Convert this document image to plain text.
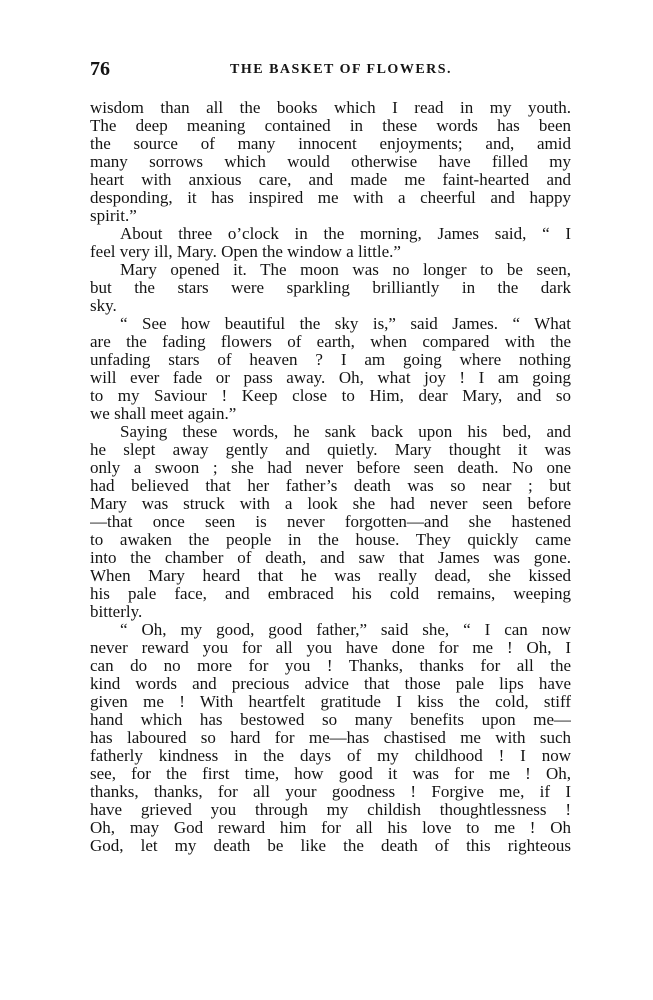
76	THE BASKET OF FLOWERS.
wisdom than all the books which I read in my youth.
The deep meaning contained in these words has been
the source of many innocent enjoyments; and, amid
many sorrows which would otherwise have filled my
heart with anxious care, and made me faint-hearted and
desponding, it has inspired me with a cheerful and happy
spirit.”
About three o’clock in the morning, James said, “ I
feel very ill, Mary. Open the window a little.”
Mary opened it. The moon was no longer to be seen,
but the stars were sparkling brilliantly in the dark
sky.
“ See how beautiful the sky is,” said James. “ What
are the fading flowers of earth, when compared with the
unfading stars of heaven ? I am going where nothing
will ever fade or pass away. Oh, what joy ! I am going
to my Saviour ! Keep close to Him, dear Mary, and so
we shall meet again.”
Saying these words, he sank back upon his bed, and
he slept away gently and quietly. Mary thought it was
only a swoon ; she had never before seen death. No one
had believed that her father’s death was so near ; but
Mary was struck with a look she had never seen before
—that once seen is never forgotten—and she hastened
to awaken the people in the house. They quickly came
into the chamber of death, and saw that James was gone.
When Mary heard that he was really dead, she kissed
his pale face, and embraced his cold remains, weeping
bitterly.
“ Oh, my good, good father,” said she, “ I can now
never reward you for all you have done for me ! Oh, I
can do no more for you ! Thanks, thanks for all the
kind words and precious advice that those pale lips have
given me ! With heartfelt gratitude I kiss the cold, stiff
hand which has bestowed so many benefits upon me—
has laboured so hard for me—has chastised me with such
fatherly kindness in the days of my childhood ! I now
see, for the first time, how good it was for me ! Oh,
thanks, thanks, for all your goodness ! Forgive me, if I
have grieved you through my childish thoughtlessness !
Oh, may God reward him for all his love to me ! Oh
God, let my death be like the death of this righteous
